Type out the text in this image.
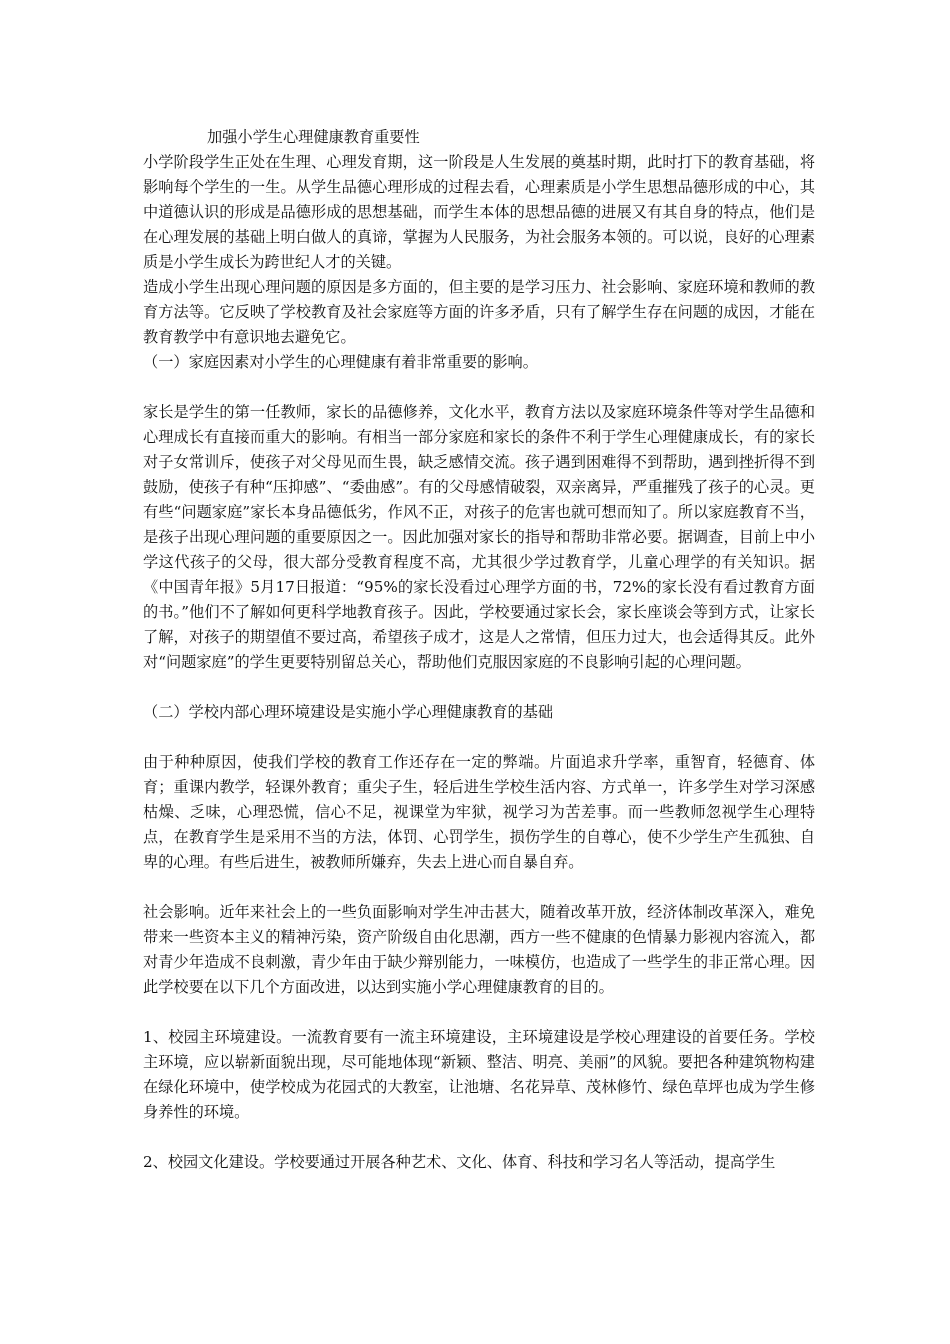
加强小学生心理健康教育重要性

小学阶段学生正处在生理、心理发育期，这一阶段是人生发展的奠基时期，此时打下的教育基础，将影响每个学生的一生。从学生品德心理形成的过程去看，心理素质是小学生思想品德形成的中心，其中道德认识的形成是品德形成的思想基础，而学生本体的思想品德的进展又有其自身的特点，他们是在心理发展的基础上明白做人的真谛，掌握为人民服务，为社会服务本领的。可以说，良好的心理素质是小学生成长为跨世纪人才的关键。

造成小学生出现心理问题的原因是多方面的，但主要的是学习压力、社会影响、家庭环境和教师的教育方法等。它反映了学校教育及社会家庭等方面的许多矛盾，只有了解学生存在问题的成因，才能在教育教学中有意识地去避免它。

（一）家庭因素对小学生的心理健康有着非常重要的影响。

家长是学生的第一任教师，家长的品德修养，文化水平，教育方法以及家庭环境条件等对学生品德和心理成长有直接而重大的影响。有相当一部分家庭和家长的条件不利于学生心理健康成长，有的家长对子女常训斥，使孩子对父母见而生畏，缺乏感情交流。孩子遇到困难得不到帮助，遇到挫折得不到鼓励，使孩子有种“压抑感”、“委曲感”。有的父母感情破裂，双亲离异，严重摧残了孩子的心灵。更有些“问题家庭”家长本身品德低劣，作风不正，对孩子的危害也就可想而知了。所以家庭教育不当，是孩子出现心理问题的重要原因之一。因此加强对家长的指导和帮助非常必要。据调查，目前上中小学这代孩子的父母，很大部分受教育程度不高，尤其很少学过教育学，儿童心理学的有关知识。据《中国青年报》5月17日报道：“95%的家长没看过心理学方面的书，72%的家长没有看过教育方面的书。”他们不了解如何更科学地教育孩子。因此，学校要通过家长会，家长座谈会等到方式，让家长了解，对孩子的期望值不要过高，希望孩子成才，这是人之常情，但压力过大，也会适得其反。此外对“问题家庭”的学生更要特别留总关心，帮助他们克服因家庭的不良影响引起的心理问题。

（二）学校内部心理环境建设是实施小学心理健康教育的基础

由于种种原因，使我们学校的教育工作还存在一定的弊端。片面追求升学率，重智育，轻德育、体育；重课内教学，轻课外教育；重尖子生，轻后进生学校生活内容、方式单一，许多学生对学习深感枯燥、乏味，心理恐慌，信心不足，视课堂为牢狱，视学习为苦差事。而一些教师忽视学生心理特点，在教育学生是采用不当的方法，体罚、心罚学生，损伤学生的自尊心，使不少学生产生孤独、自卑的心理。有些后进生，被教师所嫌弃，失去上进心而自暴自弃。

社会影响。近年来社会上的一些负面影响对学生冲击甚大，随着改革开放，经济体制改革深入，难免带来一些资本主义的精神污染，资产阶级自由化思潮，西方一些不健康的色情暴力影视内容流入，都对青少年造成不良刺激，青少年由于缺少辩别能力，一味模仿，也造成了一些学生的非正常心理。因此学校要在以下几个方面改进，以达到实施小学心理健康教育的目的。

1、校园主环境建设。一流教育要有一流主环境建设，主环境建设是学校心理建设的首要任务。学校主环境，应以崭新面貌出现，尽可能地体现“新颖、整洁、明亮、美丽”的风貌。要把各种建筑物构建在绿化环境中，使学校成为花园式的大教室，让池塘、名花异草、茂林修竹、绿色草坪也成为学生修身养性的环境。

2、校园文化建设。学校要通过开展各种艺术、文化、体育、科技和学习名人等活动，提高学生
